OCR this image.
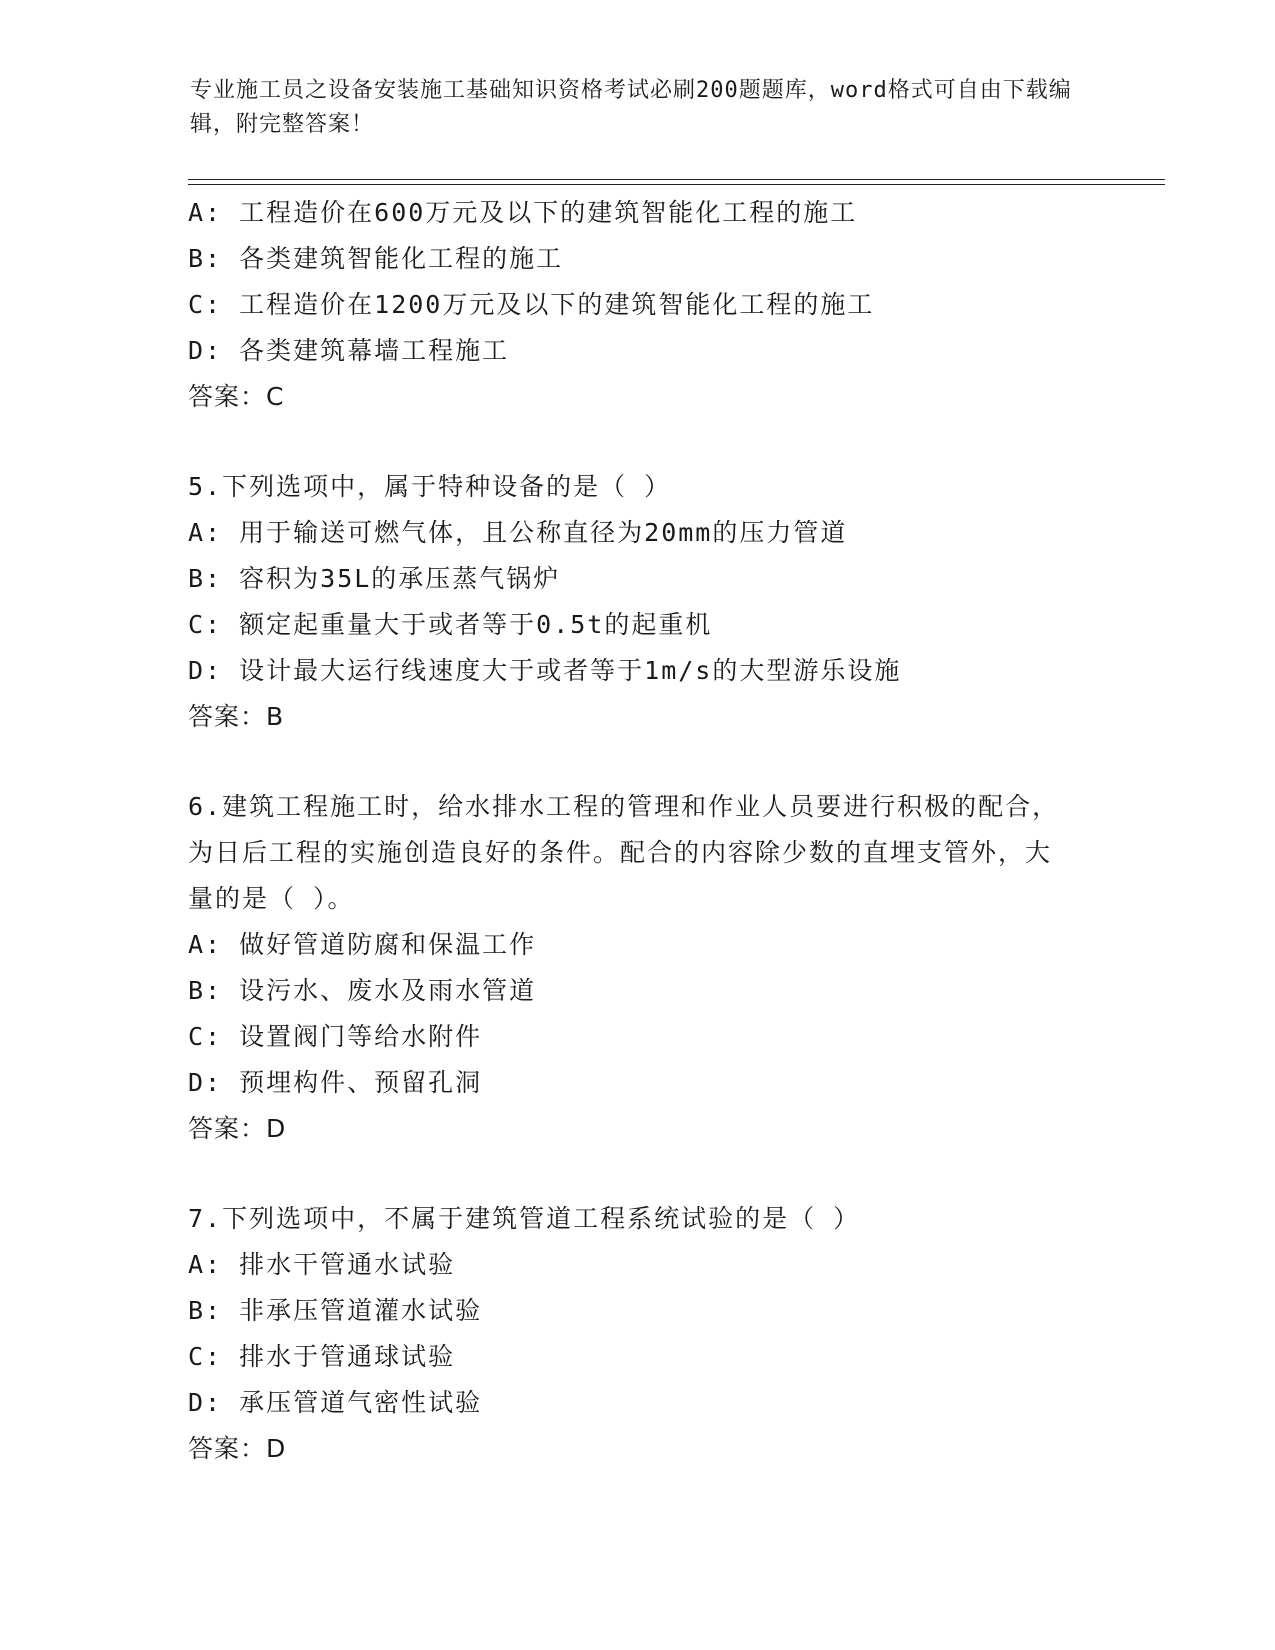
专业施工员之设备安装施工基础知识资格考试必刷200题题库，word格式可自由下载编辑，附完整答案！
A: 工程造价在600万元及以下的建筑智能化工程的施工
B: 各类建筑智能化工程的施工
C: 工程造价在1200万元及以下的建筑智能化工程的施工
D: 各类建筑幕墙工程施工
答案：C
5.下列选项中，属于特种设备的是（ ）
A: 用于输送可燃气体，且公称直径为20mm的压力管道
B: 容积为35L的承压蒸气锅炉
C: 额定起重量大于或者等于0.5t的起重机
D: 设计最大运行线速度大于或者等于1m/s的大型游乐设施
答案：B
6.建筑工程施工时，给水排水工程的管理和作业人员要进行积极的配合，为日后工程的实施创造良好的条件。配合的内容除少数的直埋支管外，大量的是（ ）。
A: 做好管道防腐和保温工作
B: 设污水、废水及雨水管道
C: 设置阀门等给水附件
D: 预埋构件、预留孔洞
答案：D
7.下列选项中，不属于建筑管道工程系统试验的是（ ）
A: 排水干管通水试验
B: 非承压管道灌水试验
C: 排水于管通球试验
D: 承压管道气密性试验
答案：D
